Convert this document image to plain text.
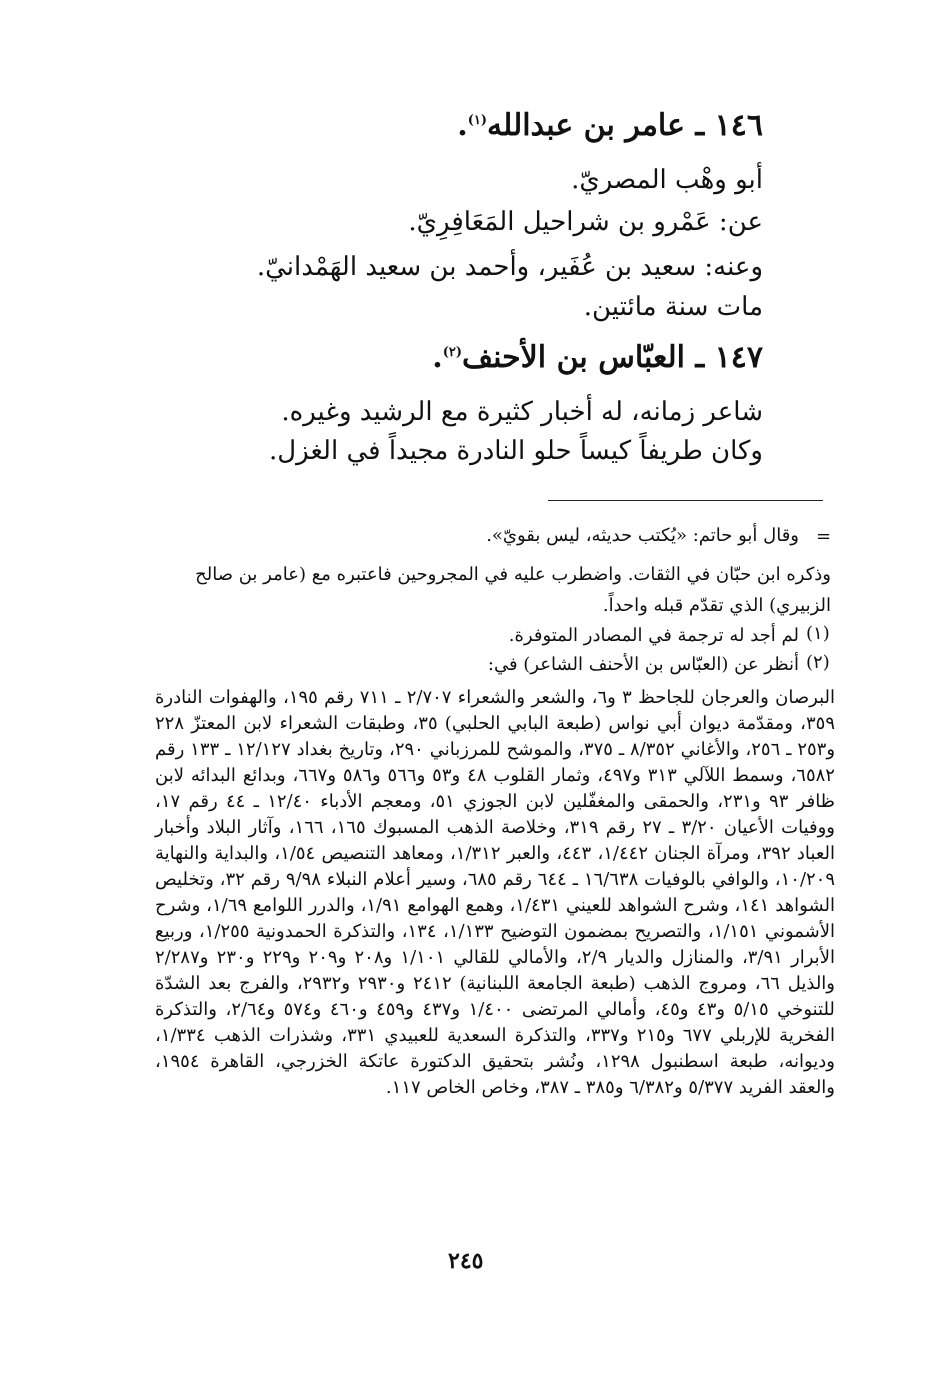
١٤٦ ـ عامر بن عبدالله$^{(١)}$.
أبو وهْب المصريّ.
عن: عَمْرو بن شراحيل المَعَافِرِيّ.
وعنه: سعيد بن عُفَير، وأحمد بن سعيد الهَمْدانيّ.
مات سنة مائتين.
١٤٧ ـ العبّاس بن الأحنف$^{(٢)}$.
شاعر زمانه، له أخبار كثيرة مع الرشيد وغيره.
وكان طريفاً كيساً حلو النادرة مجيداً في الغزل.
=
وقال أبو حاتم: «يُكتب حديثه، ليس بقويّ».
وذكره ابن حبّان في الثقات. واضطرب عليه في المجروحين فاعتبره مع (عامر بن صالح
الزبيري) الذي تقدّم قبله واحداً.
(١)
لم أجد له ترجمة في المصادر المتوفرة.
(٢)
أنظر عن (العبّاس بن الأحنف الشاعر) في:
البرصان والعرجان للجاحظ ٣ و٦، والشعر والشعراء ٢/٧٠٧ ـ ٧١١ رقم ١٩٥، والهفوات النادرة ٣٥٩، ومقدّمة ديوان أبي نواس (طبعة البابي الحلبي) ٣٥، وطبقات الشعراء لابن المعتزّ ٢٢٨ و٢٥٣ ـ ٢٥٦، والأغاني ٨/٣٥٢ ـ ٣٧٥، والموشح للمرزباني ٢٩٠، وتاريخ بغداد ١٢/١٢٧ ـ ١٣٣ رقم ٦٥٨٢، وسمط اللآلي ٣١٣ و٤٩٧، وثمار القلوب ٤٨ و٥٣ و٥٦٦ و٥٨٦ و٦٦٧، وبدائع البدائه لابن ظافر ٩٣ و٢٣١، والحمقى والمغفّلين لابن الجوزي ٥١، ومعجم الأدباء ١٢/٤٠ ـ ٤٤ رقم ١٧، ووفيات الأعيان ٣/٢٠ ـ ٢٧ رقم ٣١٩، وخلاصة الذهب المسبوك ١٦٥، ١٦٦، وآثار البلاد وأخبار العباد ٣٩٢، ومرآة الجنان ١/٤٤٢، ٤٤٣، والعبر ١/٣١٢، ومعاهد التنصيص ١/٥٤، والبداية والنهاية ١٠/٢٠٩، والوافي بالوفيات ١٦/٦٣٨ ـ ٦٤٤ رقم ٦٨٥، وسير أعلام النبلاء ٩/٩٨ رقم ٣٢، وتخليص الشواهد ١٤١، وشرح الشواهد للعيني ١/٤٣١، وهمع الهوامع ١/٩١، والدرر اللوامع ١/٦٩، وشرح الأشموني ١/١٥١، والتصريح بمضمون التوضيح ١/١٣٣، ١٣٤، والتذكرة الحمدونية ١/٢٥٥، وربيع الأبرار ٣/٩١، والمنازل والديار ٢/٩، والأمالي للقالي ١/١٠١ و٢٠٨ و٢٠٩ و٢٢٩ و٢٣٠ و٢/٢٨٧ والذيل ٦٦، ومروج الذهب (طبعة الجامعة اللبنانية) ٢٤١٢ و٢٩٣٠ و٢٩٣٢، والفرج بعد الشدّة للتنوخي ٥/١٥ و٤٣ و٤٥، وأمالي المرتضى ١/٤٠٠ و٤٣٧ و٤٥٩ و٤٦٠ و٥٧٤ و٢/٦٤، والتذكرة الفخرية للإربلي ٦٧٧ و٢١٥ و٣٣٧، والتذكرة السعدية للعبيدي ٣٣١، وشذرات الذهب ١/٣٣٤، وديوانه، طبعة اسطنبول ١٢٩٨، ونُشر بتحقيق الدكتورة عاتكة الخزرجي، القاهرة ١٩٥٤، والعقد الفريد ٥/٣٧٧ و٦/٣٨٢ و٣٨٥ ـ ٣٨٧، وخاص الخاص ١١٧.
٢٤٥
